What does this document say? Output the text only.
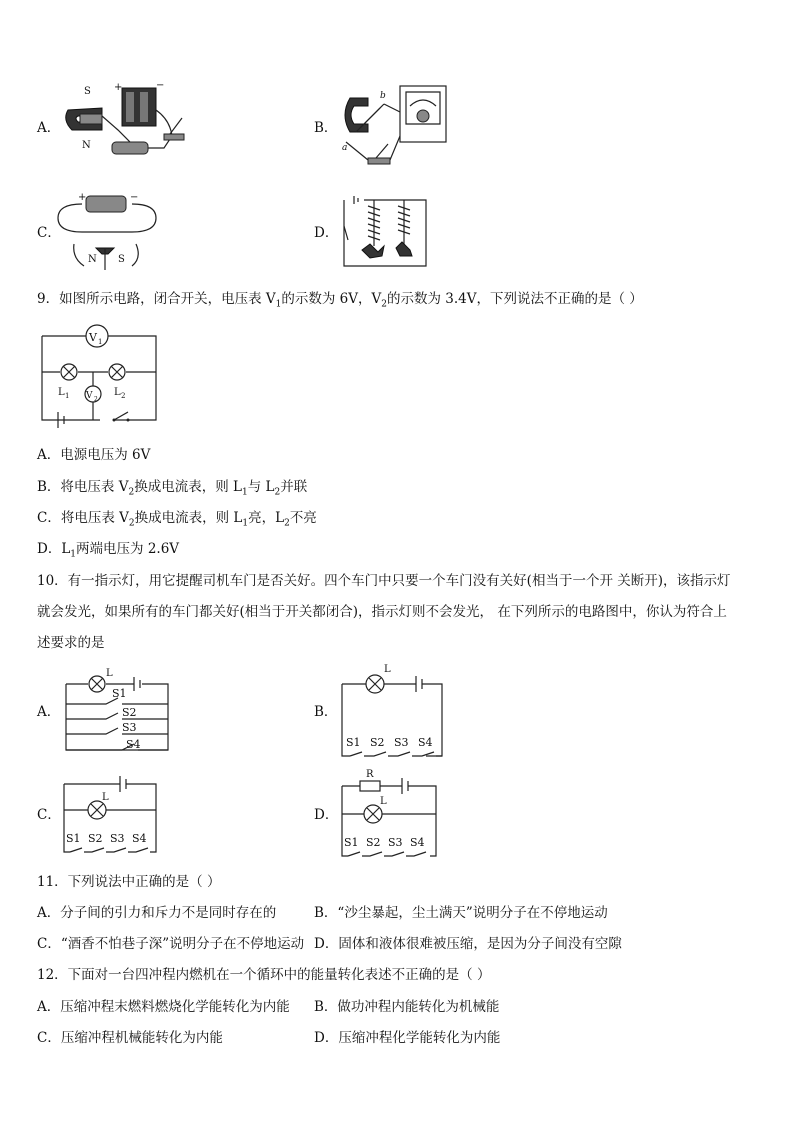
A．
S
N
+	−
B．
b
a
C．
+	−
N S
D．
9．如图所示电路，闭合开关，电压表 $V_1$的示数为 6V，$V_2$的示数为 3.4V，下列说法不正确的是（ ）
V 1
V 2
L 1	L 2
A．电源电压为 6V
B．将电压表 $V_2$换成电流表，则 $L_1$与 $L_2$并联
C．将电压表 $V_2$换成电流表，则 $L_1$亮，$L_2$不亮
D．$L_1$两端电压为 2.6V
10．有一指示灯，用它提醒司机车门是否关好。四个车门中只要一个车门没有关好(相当于一个开 关断开)，该指示灯
就会发光，如果所有的车门都关好(相当于开关都闭合)，指示灯则不会发光， 在下列所示的电路图中，你认为符合上
述要求的是
A．
L
S1
S2
S3
S4
B．
L
S1 S2 S3 S4
C．
L
S1 S2 S3 S4
D．
R
L
S1 S2 S3 S4
11．下列说法中正确的是（ ）
A．分子间的引力和斥力不是同时存在的	B．“沙尘暴起，尘土满天”说明分子在不停地运动
C．“酒香不怕巷子深”说明分子在不停地运动 D．固体和液体很难被压缩，是因为分子间没有空隙
12．下面对一台四冲程内燃机在一个循环中的能量转化表述不正确的是（ ）
A．压缩冲程末燃料燃烧化学能转化为内能 B．做功冲程内能转化为机械能
C．压缩冲程机械能转化为内能	D．压缩冲程化学能转化为内能
